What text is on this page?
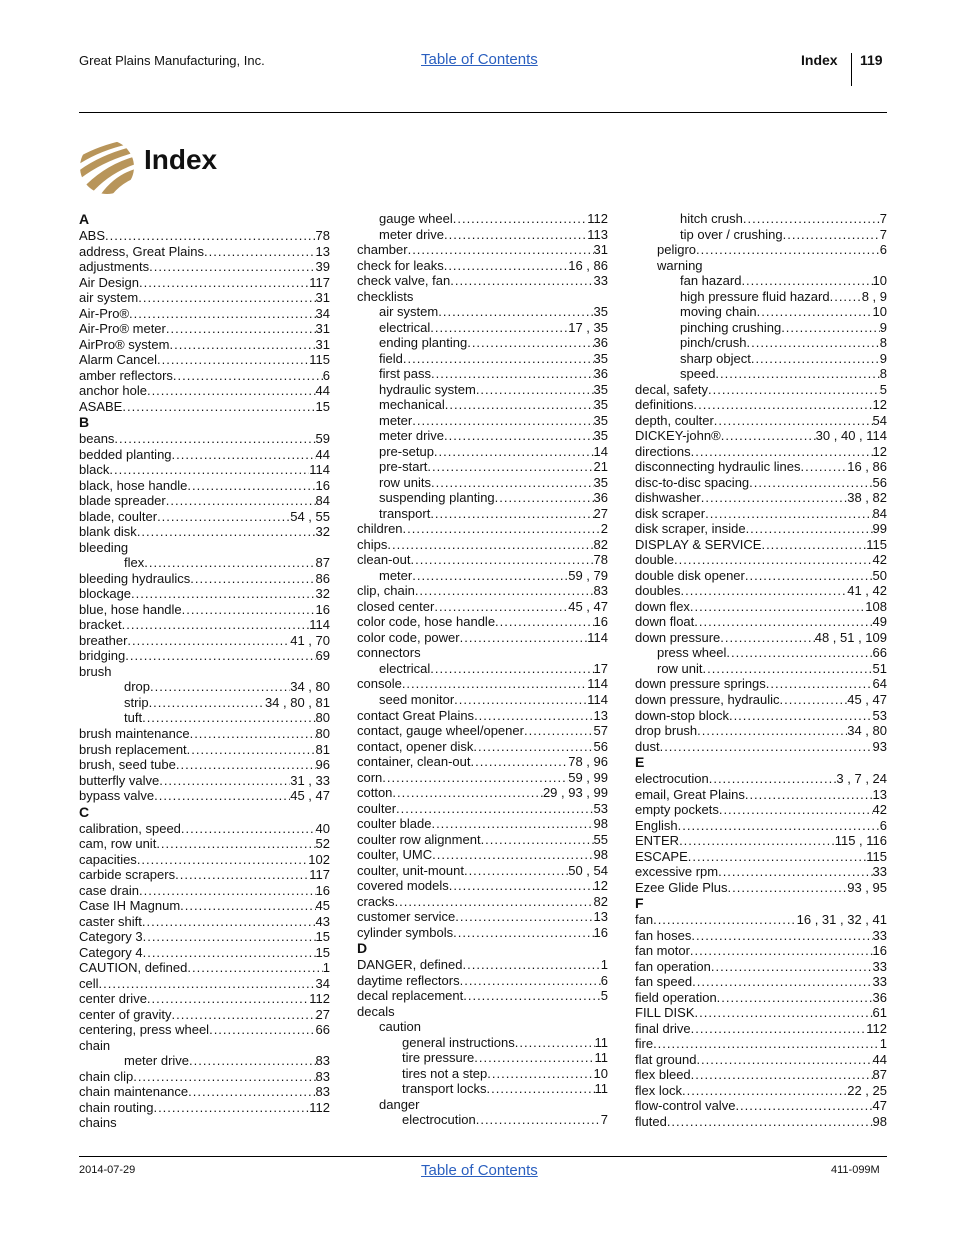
Great Plains Manufacturing, Inc.	Table of Contents	Index 119
Index
A
ABS .....	78
address, Great Plains .....	13
adjustments .....	39
Air Design .....	117
air system .....	31
Air-Pro® .....	34
Air-Pro® meter .....	31
AirPro® system .....	31
Alarm Cancel .....	115
amber reflectors .....	6
anchor hole .....	44
ASABE .....	15
B
beans .....	59
bedded planting .....	44
black .....	114
black, hose handle .....	16
blade spreader .....	84
blade, coulter .....	54 , 55
blank disk .....	32
bleeding
flex .....	87
bleeding hydraulics .....	86
blockage .....	32
blue, hose handle .....	16
bracket .....	114
breather .....	41 , 70
bridging .....	69
brush
drop .....	34 , 80
strip .....	34 , 80 , 81
tuft .....	80
brush maintenance .....	80
brush replacement .....	81
brush, seed tube .....	96
butterfly valve .....	31 , 33
bypass valve .....	45 , 47
C
calibration, speed .....	40
cam, row unit .....	52
capacities .....	102
carbide scrapers .....	117
case drain .....	16
Case IH Magnum .....	45
caster shift .....	43
Category 3 .....	15
Category 4 .....	15
CAUTION, defined .....	1
cell .....	34
center drive .....	112
center of gravity .....	27
centering, press wheel .....	66
chain
meter drive .....	83
chain clip .....	83
chain maintenance .....	83
chain routing .....	112
chains
gauge wheel .....	112
meter drive .....	113
chamber .....	31
check for leaks .....	16 , 86
check valve, fan .....	33
checklists
air system .....	35
electrical .....	17 , 35
ending planting .....	36
field .....	35
first pass .....	36
hydraulic system .....	35
mechanical .....	35
meter .....	35
meter drive .....	35
pre-setup .....	14
pre-start .....	21
row units .....	35
suspending planting .....	36
transport .....	27
children .....	2
chips .....	82
clean-out .....	78
meter .....	59 , 79
clip, chain .....	83
closed center .....	45 , 47
color code, hose handle .....	16
color code, power .....	114
connectors
electrical .....	17
console .....	114
seed monitor .....	114
contact Great Plains .....	13
contact, gauge wheel/opener .....	57
contact, opener disk .....	56
container, clean-out .....	78 , 96
corn .....	59 , 99
cotton .....	29 , 93 , 99
coulter .....	53
coulter blade .....	98
coulter row alignment .....	55
coulter, UMC .....	98
coulter, unit-mount .....	50 , 54
covered models .....	12
cracks .....	82
customer service .....	13
cylinder symbols .....	16
D
DANGER, defined .....	1
daytime reflectors .....	6
decal replacement .....	5
decals
caution
general instructions .....	11
tire pressure .....	11
tires not a step .....	10
transport locks .....	11
danger
electrocution .....	7
hitch crush .....	7
tip over / crushing .....	7
peligro .....	6
warning
fan hazard .....	10
high pressure fluid hazard ..... 8 , 9
moving chain .....	10
pinching crushing .....	9
pinch/crush .....	8
sharp object .....	9
speed .....	8
decal, safety .....	5
definitions .....	12
depth, coulter .....	54
DICKEY-john® .....	30 , 40 , 114
directions .....	12
disconnecting hydraulic lines .....	16 , 86
disc-to-disc spacing .....	56
dishwasher .....	38 , 82
disk scraper .....	84
disk scraper, inside .....	99
DISPLAY & SERVICE .....	115
double .....	42
double disk opener .....	50
doubles .....	41 , 42
down flex .....	108
down float .....	49
down pressure .....	48 , 51 , 109
press wheel .....	66
row unit .....	51
down pressure springs .....	64
down pressure, hydraulic .....	45 , 47
down-stop block .....	53
drop brush .....	34 , 80
dust .....	93
E
electrocution .....	3 , 7 , 24
email, Great Plains .....	13
empty pockets .....	42
English .....	6
ENTER .....	115 , 116
ESCAPE .....	115
excessive rpm .....	33
Ezee Glide Plus .....	93 , 95
F
fan .....	16 , 31 , 32 , 41
fan hoses .....	33
fan motor .....	16
fan operation .....	33
fan speed .....	33
field operation .....	36
FILL DISK .....	61
final drive .....	112
fire .....	1
flat ground .....	44
flex bleed .....	87
flex lock .....	22 , 25
flow-control valve .....	47
fluted .....	98
2014-07-29	Table of Contents	411-099M
